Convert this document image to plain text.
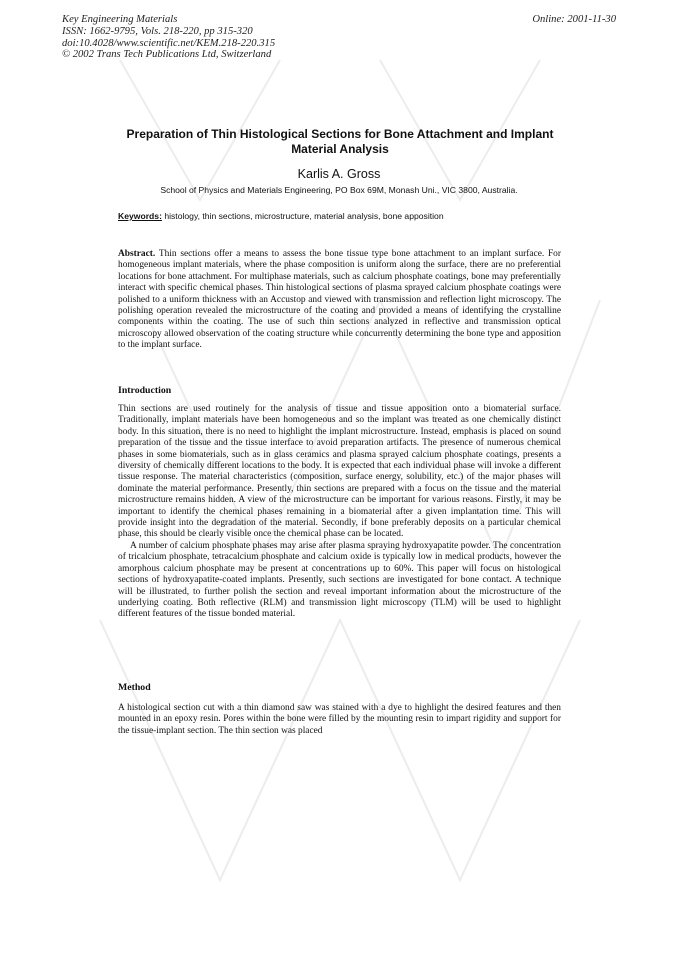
Key Engineering Materials
ISSN: 1662-9795, Vols. 218-220, pp 315-320
doi:10.4028/www.scientific.net/KEM.218-220.315
© 2002 Trans Tech Publications Ltd, Switzerland
Online: 2001-11-30
Preparation of Thin Histological Sections for Bone Attachment and Implant Material Analysis
Karlis A. Gross
School of Physics and Materials Engineering, PO Box 69M, Monash Uni., VIC 3800, Australia.
Keywords: histology, thin sections, microstructure, material analysis, bone apposition

Abstract. Thin sections offer a means to assess the bone tissue type bone attachment to an implant surface. For homogeneous implant materials, where the phase composition is uniform along the surface, there are no preferential locations for bone attachment. For multiphase materials, such as calcium phosphate coatings, bone may preferentially interact with specific chemical phases. Thin histological sections of plasma sprayed calcium phosphate coatings were polished to a uniform thickness with an Accustop and viewed with transmission and reflection light microscopy. The polishing operation revealed the microstructure of the coating and provided a means of identifying the crystalline components within the coating. The use of such thin sections analyzed in reflective and transmission optical microscopy allowed observation of the coating structure while concurrently determining the bone type and apposition to the implant surface.

Introduction

Thin sections are used routinely for the analysis of tissue and tissue apposition onto a biomaterial surface. Traditionally, implant materials have been homogeneous and so the implant was treated as one chemically distinct body. In this situation, there is no need to highlight the implant microstructure. Instead, emphasis is placed on sound preparation of the tissue and the tissue interface to avoid preparation artifacts. The presence of numerous chemical phases in some biomaterials, such as in glass ceramics and plasma sprayed calcium phosphate coatings, presents a diversity of chemically different locations to the body. It is expected that each individual phase will invoke a different tissue response. The material characteristics (composition, surface energy, solubility, etc.) of the major phases will dominate the material performance. Presently, thin sections are prepared with a focus on the tissue and the material microstructure remains hidden. A view of the microstructure can be important for various reasons. Firstly, it may be important to identify the chemical phases remaining in a biomaterial after a given implantation time. This will provide insight into the degradation of the material. Secondly, if bone preferably deposits on a particular chemical phase, this should be clearly visible once the chemical phase can be located.

A number of calcium phosphate phases may arise after plasma spraying hydroxyapatite powder. The concentration of tricalcium phosphate, tetracalcium phosphate and calcium oxide is typically low in medical products, however the amorphous calcium phosphate may be present at concentrations up to 60%. This paper will focus on histological sections of hydroxyapatite-coated implants. Presently, such sections are investigated for bone contact. A technique will be illustrated, to further polish the section and reveal important information about the microstructure of the underlying coating. Both reflective (RLM) and transmission light microscopy (TLM) will be used to highlight different features of the tissue bonded material.

Method

A histological section cut with a thin diamond saw was stained with a dye to highlight the desired features and then mounted in an epoxy resin. Pores within the bone were filled by the mounting resin to impart rigidity and support for the tissue-implant section. The thin section was placed
